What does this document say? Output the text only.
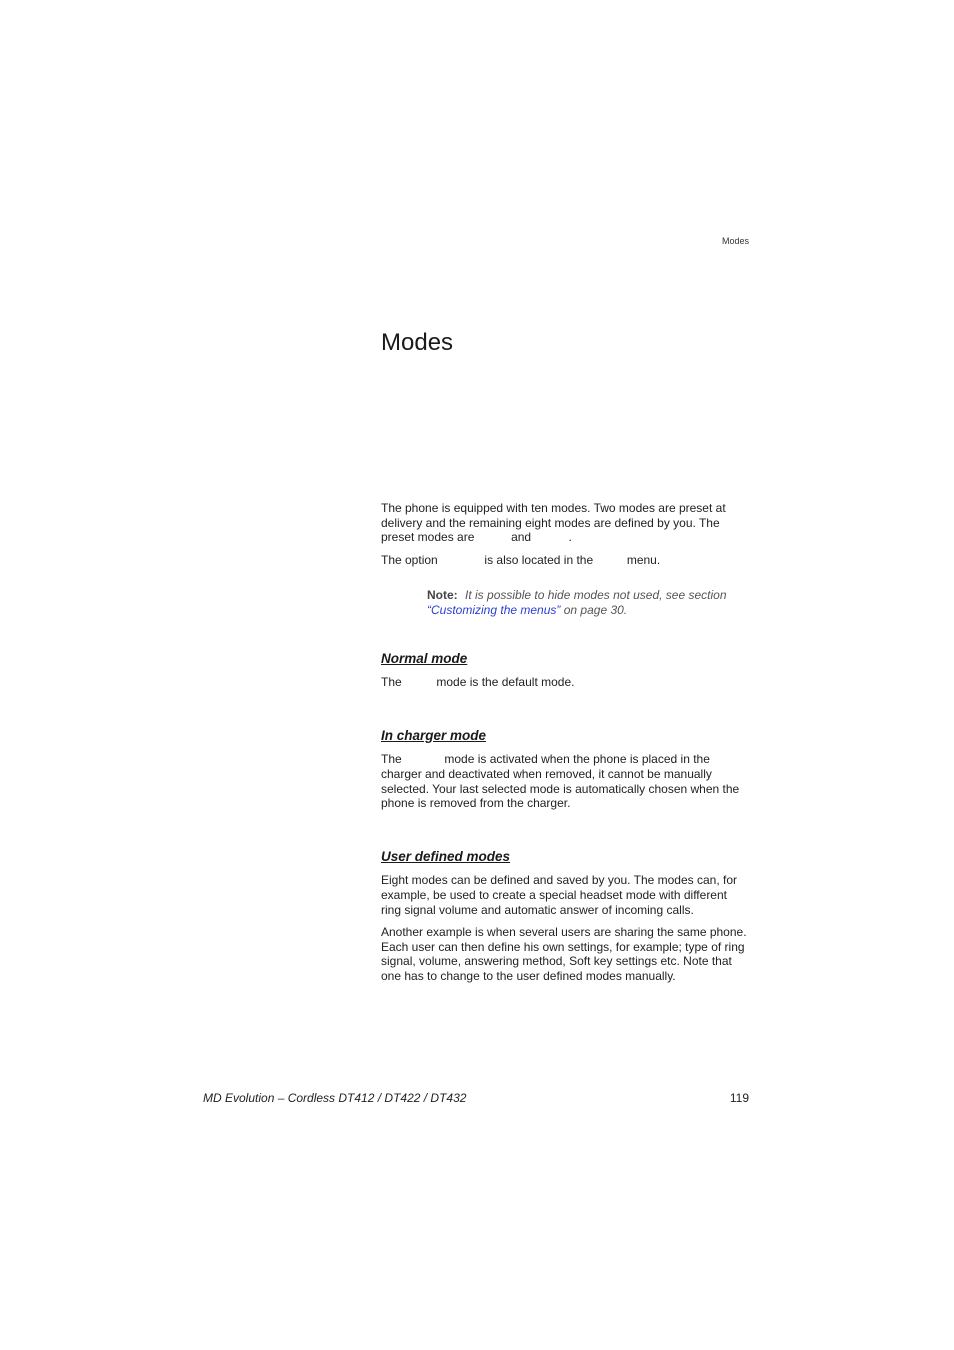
Modes
Modes

The phone is equipped with ten modes. Two modes are preset at delivery and the remaining eight modes are defined by you. The preset modes are	and	.

The option	is also located in the	menu.

Note: It is possible to hide modes not used, see section “Customizing the menus” on page 30.
Normal mode

The	mode is the default mode.

In charger mode

The	mode is activated when the phone is placed in the charger and deactivated when removed, it cannot be manually selected. Your last selected mode is automatically chosen when the phone is removed from the charger.

User defined modes

Eight modes can be defined and saved by you. The modes can, for example, be used to create a special headset mode with different ring signal volume and automatic answer of incoming calls.

Another example is when several users are sharing the same phone. Each user can then define his own settings, for example; type of ring signal, volume, answering method, Soft key settings etc. Note that one has to change to the user defined modes manually.

MD Evolution – Cordless DT412 / DT422 / DT432	119
